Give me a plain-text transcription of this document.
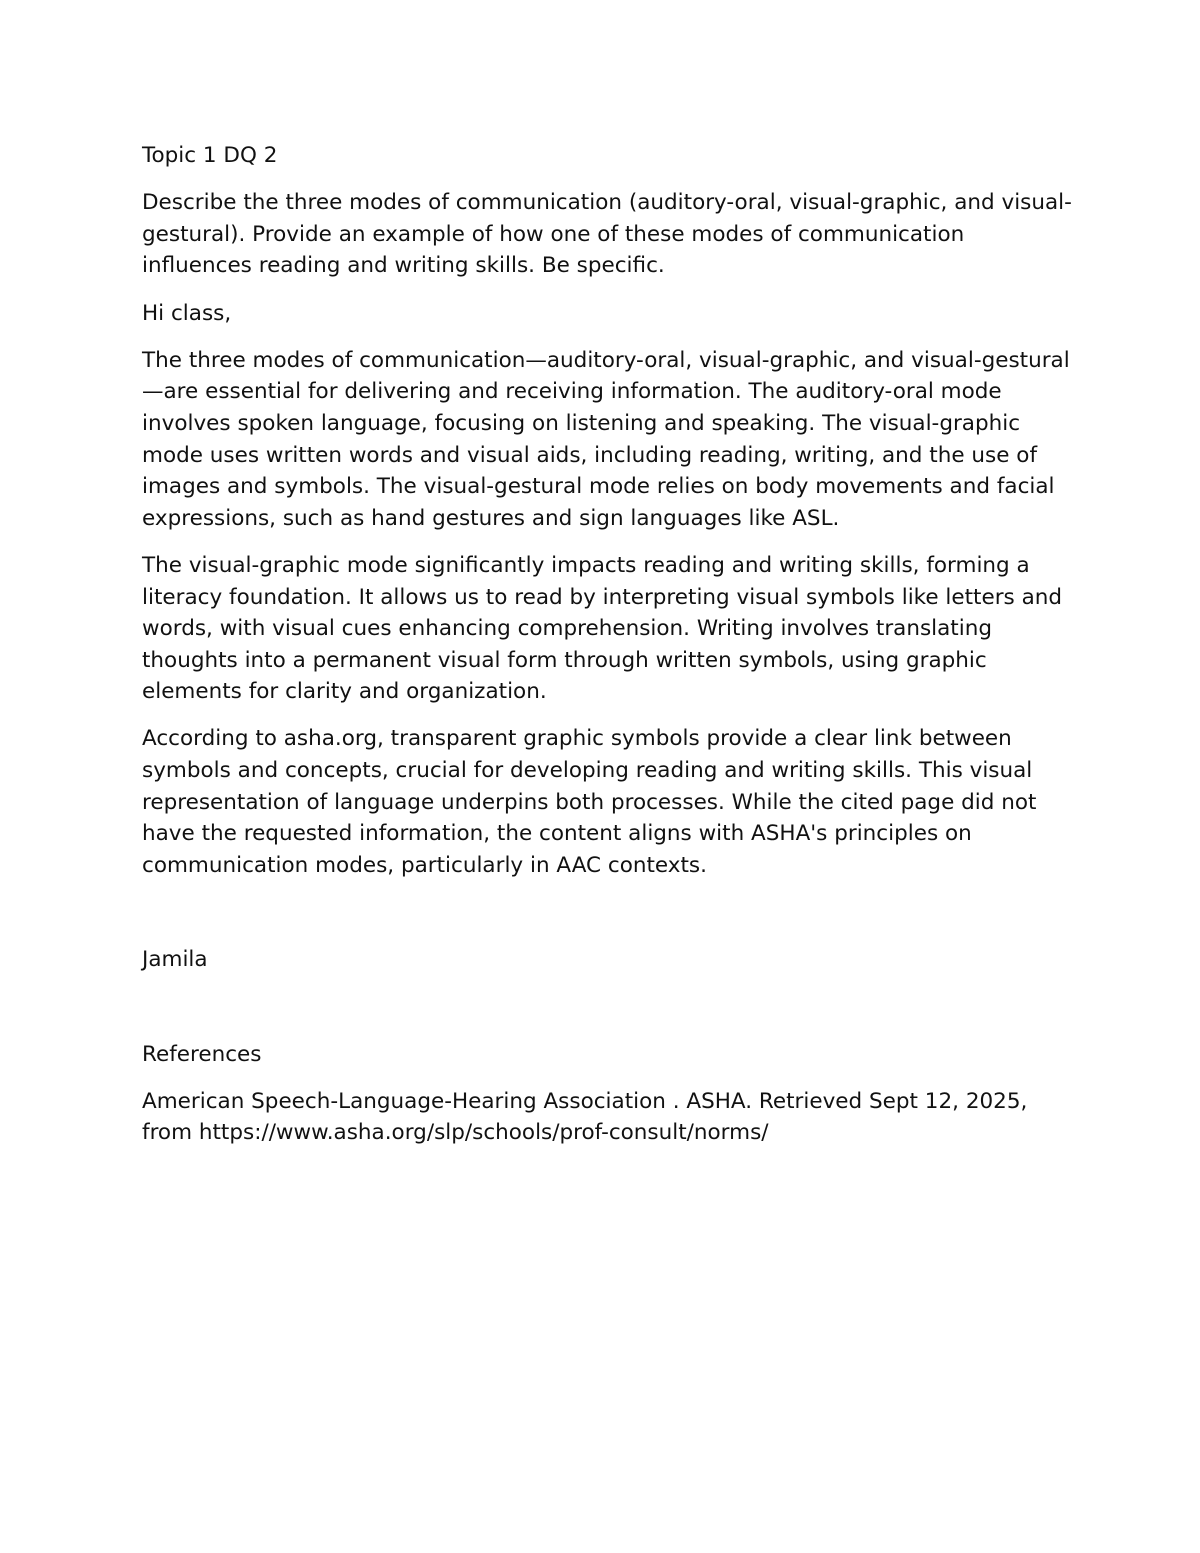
Topic 1 DQ 2

Describe the three modes of communication (auditory-oral, visual-graphic, and visual-gestural). Provide an example of how one of these modes of communication influences reading and writing skills. Be specific.

Hi class,

The three modes of communication—auditory-oral, visual-graphic, and visual-gestural—are essential for delivering and receiving information. The auditory-oral mode involves spoken language, focusing on listening and speaking. The visual-graphic mode uses written words and visual aids, including reading, writing, and the use of images and symbols. The visual-gestural mode relies on body movements and facial expressions, such as hand gestures and sign languages like ASL.

The visual-graphic mode significantly impacts reading and writing skills, forming a literacy foundation. It allows us to read by interpreting visual symbols like letters and words, with visual cues enhancing comprehension. Writing involves translating thoughts into a permanent visual form through written symbols, using graphic elements for clarity and organization.

According to asha.org, transparent graphic symbols provide a clear link between symbols and concepts, crucial for developing reading and writing skills. This visual representation of language underpins both processes. While the cited page did not have the requested information, the content aligns with ASHA's principles on communication modes, particularly in AAC contexts.

Jamila

References

American Speech-Language-Hearing Association . ASHA. Retrieved Sept 12, 2025, from https://www.asha.org/slp/schools/prof-consult/norms/
